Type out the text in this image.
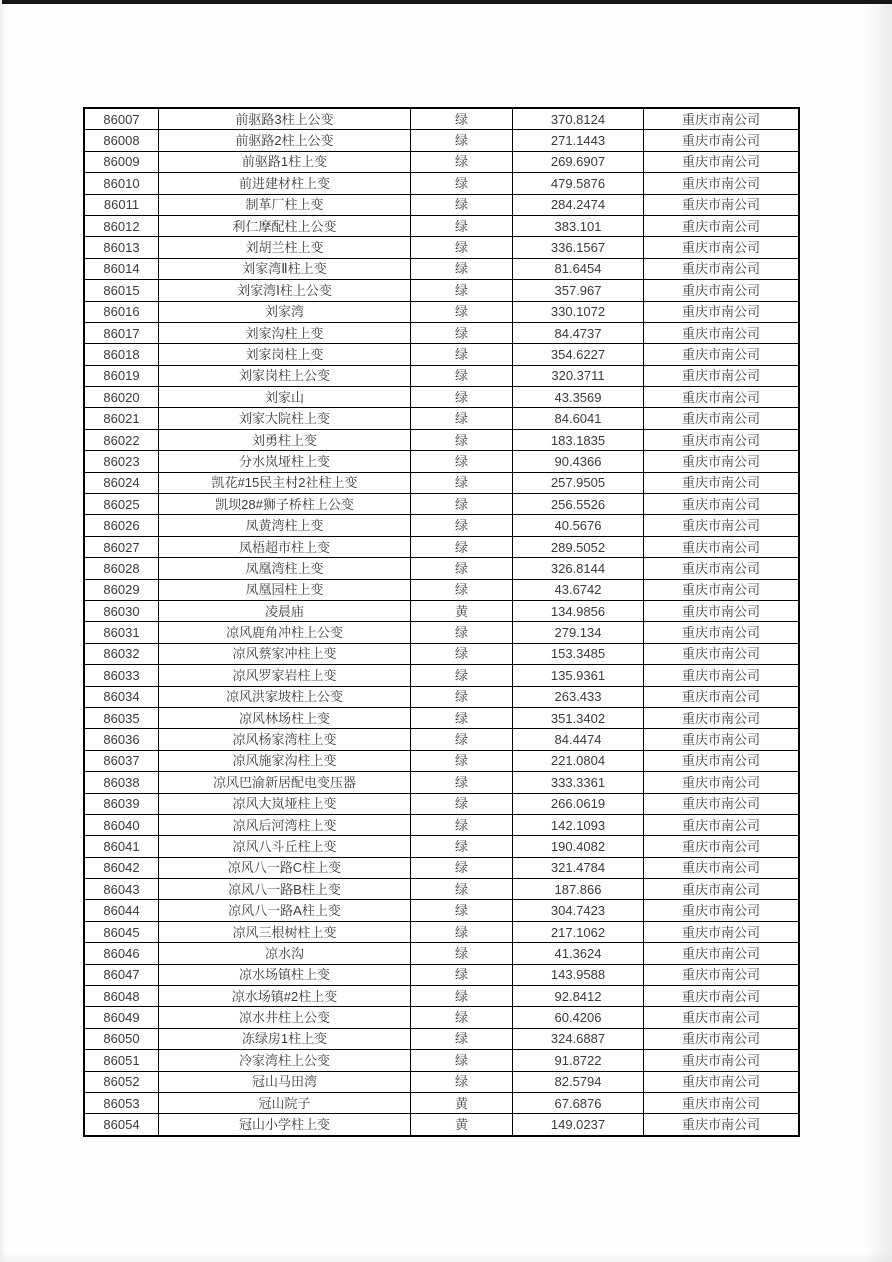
86007	前驱路3柱上公变	绿	370.8124	重庆市南公司
86008	前驱路2柱上公变	绿	271.1443	重庆市南公司
86009	前驱路1柱上变	绿	269.6907	重庆市南公司
86010	前进建材柱上变	绿	479.5876	重庆市南公司
86011	制革厂柱上变	绿	284.2474	重庆市南公司
86012	利仁摩配柱上公变	绿	383.101	重庆市南公司
86013	刘胡兰柱上变	绿	336.1567	重庆市南公司
86014	刘家湾Ⅱ柱上变	绿	81.6454	重庆市南公司
86015	刘家湾Ⅰ柱上公变	绿	357.967	重庆市南公司
86016	刘家湾	绿	330.1072	重庆市南公司
86017	刘家沟柱上变	绿	84.4737	重庆市南公司
86018	刘家岗柱上变	绿	354.6227	重庆市南公司
86019	刘家岗柱上公变	绿	320.3711	重庆市南公司
86020	刘家山	绿	43.3569	重庆市南公司
86021	刘家大院柱上变	绿	84.6041	重庆市南公司
86022	刘勇柱上变	绿	183.1835	重庆市南公司
86023	分水岚垭柱上变	绿	90.4366	重庆市南公司
86024	凯花#15民主村2社柱上变	绿	257.9505	重庆市南公司
86025	凯坝28#狮子桥柱上公变	绿	256.5526	重庆市南公司
86026	凤黄湾柱上变	绿	40.5676	重庆市南公司
86027	凤梧超市柱上变	绿	289.5052	重庆市南公司
86028	凤凰湾柱上变	绿	326.8144	重庆市南公司
86029	凤凰园柱上变	绿	43.6742	重庆市南公司
86030	凌晨庙	黄	134.9856	重庆市南公司
86031	凉风鹿角冲柱上公变	绿	279.134	重庆市南公司
86032	凉风蔡家冲柱上变	绿	153.3485	重庆市南公司
86033	凉风罗家岩柱上变	绿	135.9361	重庆市南公司
86034	凉风洪家坡柱上公变	绿	263.433	重庆市南公司
86035	凉风林场柱上变	绿	351.3402	重庆市南公司
86036	凉风杨家湾柱上变	绿	84.4474	重庆市南公司
86037	凉风施家沟柱上变	绿	221.0804	重庆市南公司
86038	凉风巴渝新居配电变压器	绿	333.3361	重庆市南公司
86039	凉风大岚垭柱上变	绿	266.0619	重庆市南公司
86040	凉风后河湾柱上变	绿	142.1093	重庆市南公司
86041	凉风八斗丘柱上变	绿	190.4082	重庆市南公司
86042	凉风八一路C柱上变	绿	321.4784	重庆市南公司
86043	凉风八一路B柱上变	绿	187.866	重庆市南公司
86044	凉风八一路A柱上变	绿	304.7423	重庆市南公司
86045	凉风三根树柱上变	绿	217.1062	重庆市南公司
86046	凉水沟	绿	41.3624	重庆市南公司
86047	凉水场镇柱上变	绿	143.9588	重庆市南公司
86048	凉水场镇#2柱上变	绿	92.8412	重庆市南公司
86049	凉水井柱上公变	绿	60.4206	重庆市南公司
86050	冻绿房1柱上变	绿	324.6887	重庆市南公司
86051	冷家湾柱上公变	绿	91.8722	重庆市南公司
86052	冠山马田湾	绿	82.5794	重庆市南公司
86053	冠山院子	黄	67.6876	重庆市南公司
86054	冠山小学柱上变	黄	149.0237	重庆市南公司
